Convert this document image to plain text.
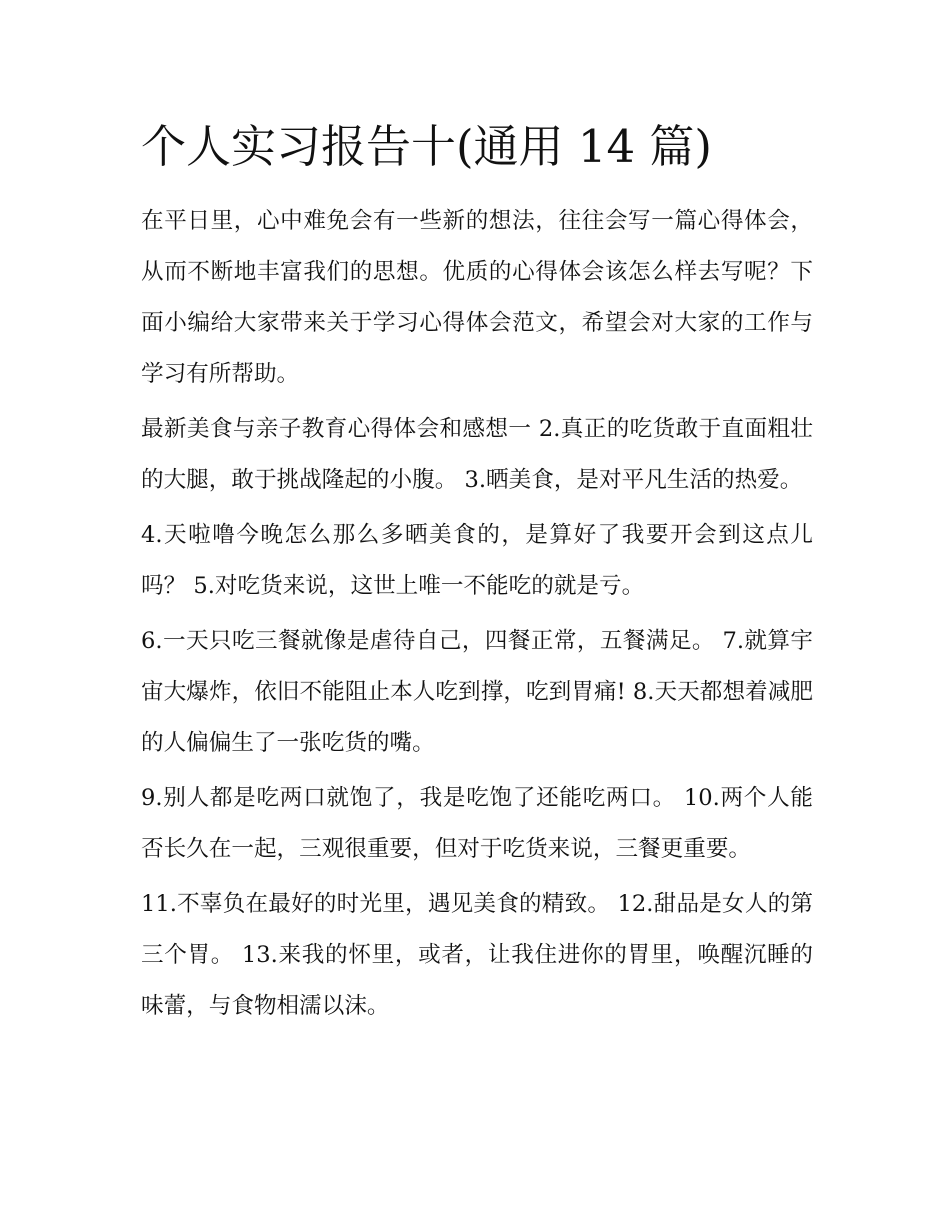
个人实习报告十(通用 14 篇)

在平日里，心中难免会有一些新的想法，往往会写一篇心得体会，从而不断地丰富我们的思想。优质的心得体会该怎么样去写呢？下面小编给大家带来关于学习心得体会范文，希望会对大家的工作与学习有所帮助。

最新美食与亲子教育心得体会和感想一 2.真正的吃货敢于直面粗壮的大腿，敢于挑战隆起的小腹。 3.晒美食，是对平凡生活的热爱。

4.天啦噜今晚怎么那么多晒美食的，是算好了我要开会到这点儿吗？ 5.对吃货来说，这世上唯一不能吃的就是亏。

6.一天只吃三餐就像是虐待自己，四餐正常，五餐满足。 7.就算宇宙大爆炸，依旧不能阻止本人吃到撑，吃到胃痛! 8.天天都想着减肥的人偏偏生了一张吃货的嘴。

9.别人都是吃两口就饱了，我是吃饱了还能吃两口。 10.两个人能否长久在一起，三观很重要，但对于吃货来说，三餐更重要。

11.不辜负在最好的时光里，遇见美食的精致。 12.甜品是女人的第三个胃。 13.来我的怀里，或者，让我住进你的胃里，唤醒沉睡的味蕾，与食物相濡以沫。
